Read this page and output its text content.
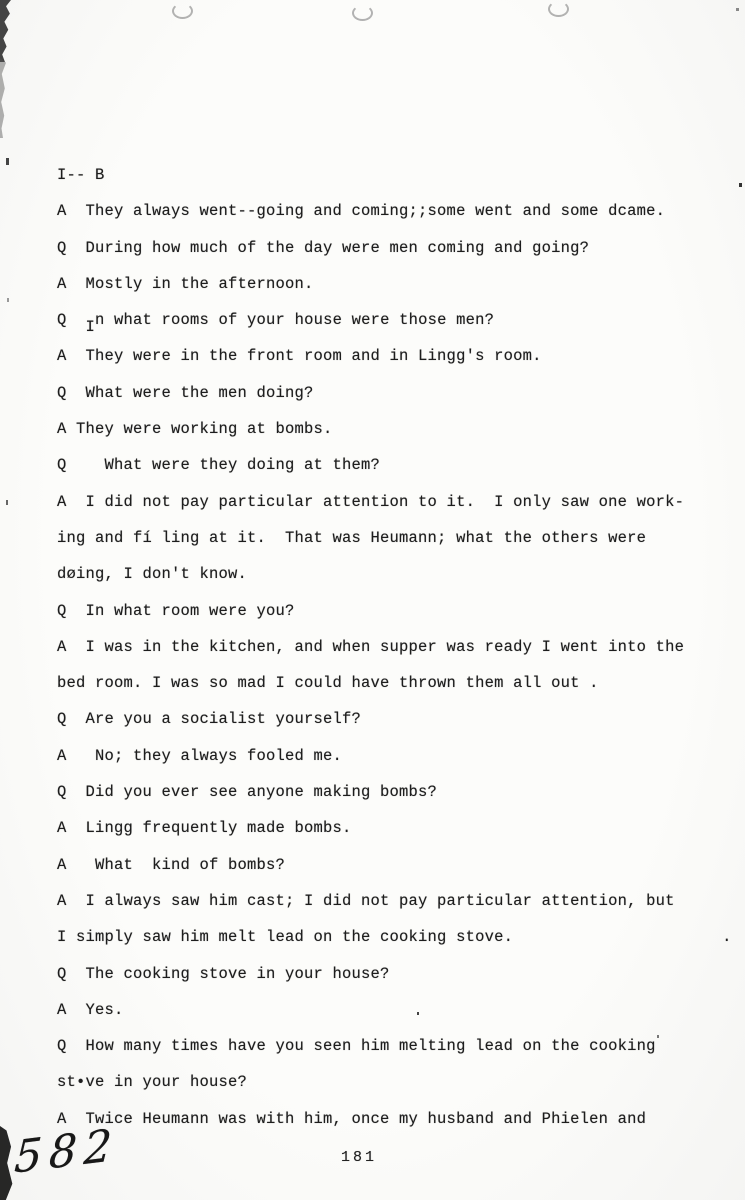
I-- B
A  They always went--going and coming;;some went and some dcame.
Q  During how much of the day were men coming and going?
A  Mostly in the afternoon.
Q  In what rooms of your house were those men?
A  They were in the front room and in Lingg's room.
Q  What were the men doing?
A They were working at bombs.
Q    What were they doing at them?
A  I did not pay particular attention to it.  I only saw one work-
ing and fí ling at it.  That was Heumann; what the others were
døing, I don't know.
Q  In what room were you?
A  I was in the kitchen, and when supper was ready I went into the
bed room. I was so mad I could have thrown them all out .
Q  Are you a socialist yourself?
A   No; they always fooled me.
Q  Did you ever see anyone making bombs?
A  Lingg frequently made bombs.
A   What  kind of bombs?
A  I always saw him cast; I did not pay particular attention, but
I simply saw him melt lead on the cooking stove.                      .
Q  The cooking stove in your house?
A  Yes.
Q  How many times have you seen him melting lead on the cooking
st•ve in your house?
A  Twice Heumann was with him, once my husband and Phielen and
582	181
